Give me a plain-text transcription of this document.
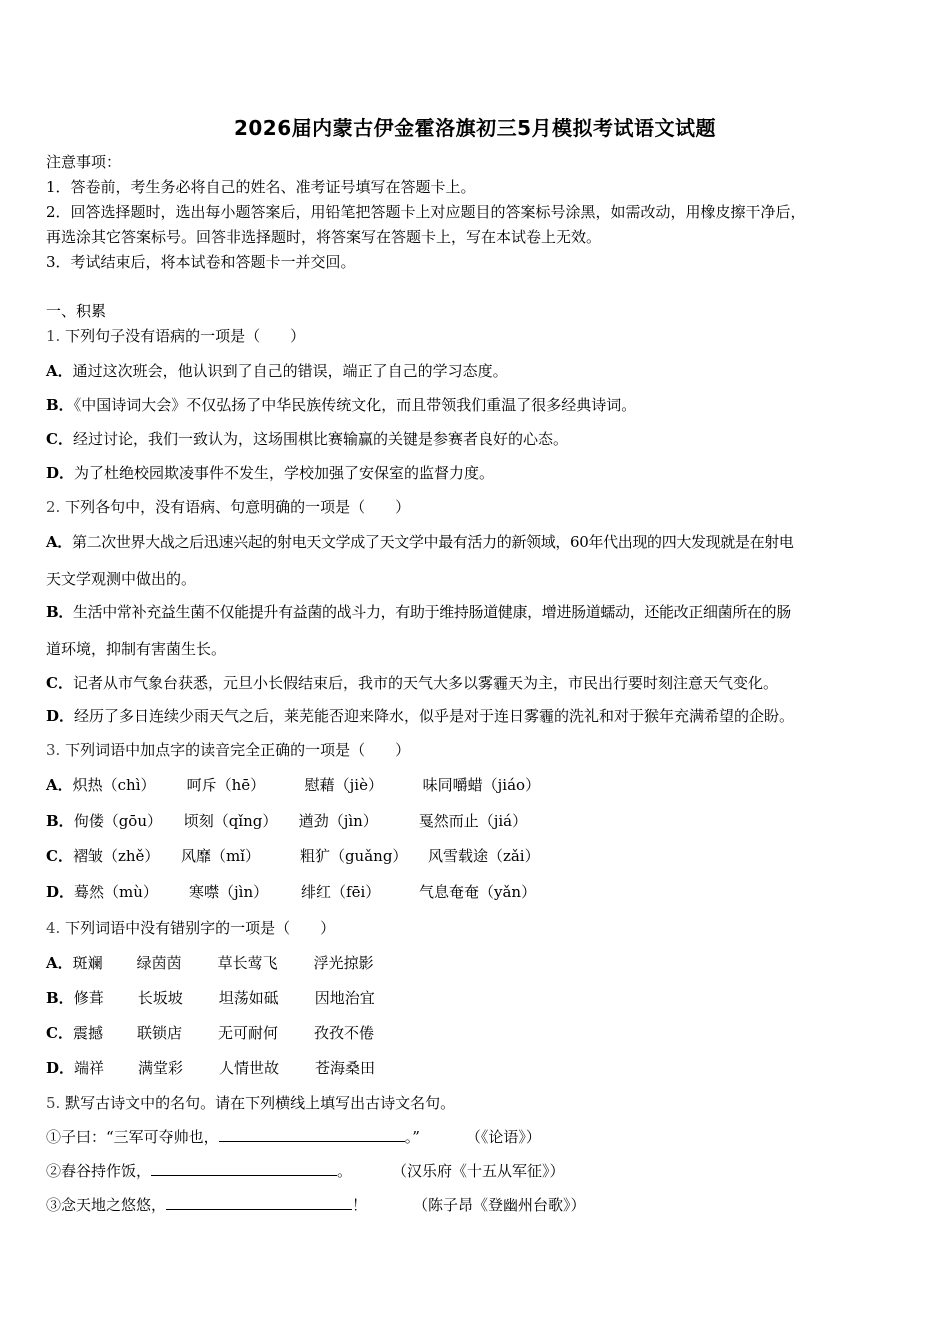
2026届内蒙古伊金霍洛旗初三5月模拟考试语文试题
注意事项：
1．答卷前，考生务必将自己的姓名、准考证号填写在答题卡上。
2．回答选择题时，选出每小题答案后，用铅笔把答题卡上对应题目的答案标号涂黑，如需改动，用橡皮擦干净后，
再选涂其它答案标号。回答非选择题时，将答案写在答题卡上，写在本试卷上无效。
3．考试结束后，将本试卷和答题卡一并交回。
一、积累
1. 下列句子没有语病的一项是（　　）
A．通过这次班会，他认识到了自己的错误，端正了自己的学习态度。
B．《中国诗词大会》不仅弘扬了中华民族传统文化，而且带领我们重温了很多经典诗词。
C．经过讨论，我们一致认为，这场围棋比赛输赢的关键是参赛者良好的心态。
D．为了杜绝校园欺凌事件不发生，学校加强了安保室的监督力度。
2. 下列各句中，没有语病、句意明确的一项是（　　）
A．第二次世界大战之后迅速兴起的射电天文学成了天文学中最有活力的新领域，60年代出现的四大发现就是在射电
天文学观测中做出的。
B．生活中常补充益生菌不仅能提升有益菌的战斗力，有助于维持肠道健康，增进肠道蠕动，还能改正细菌所在的肠
道环境，抑制有害菌生长。
C．记者从市气象台获悉，元旦小长假结束后，我市的天气大多以雾霾天为主，市民出行要时刻注意天气变化。
D．经历了多日连续少雨天气之后，莱芜能否迎来降水，似乎是对于连日雾霾的洗礼和对于猴年充满希望的企盼。
3. 下列词语中加点字的读音完全正确的一项是（　　）
A．炽热（chì） 呵斥（hē）	慰藉（jiè）	味同嚼蜡（jiáo）
B．佝偻（gōu） 顷刻（qǐng） 遒劲（jìn）	戛然而止（jiá）
C．褶皱（zhě） 风靡（mǐ）	粗犷（guǎng） 风雪载途（zǎi）
D．蓦然（mù） 寒噤（jìn） 绯红（fēi）	气息奄奄（yǎn）
4. 下列词语中没有错别字的一项是（　　）
A．斑斓 绿茵茵 草长莺飞 浮光掠影
B．修葺 长坂坡 坦荡如砥 因地治宜
C．震撼 联锁店 无可耐何 孜孜不倦
D．端祥 满堂彩 人情世故 苍海桑田
5. 默写古诗文中的名句。请在下列横线上填写出古诗文名句。
①子曰：“三军可夺帅也，	。”	（《论语》）
②舂谷持作饭，	。	（汉乐府《十五从军征》）
③念天地之悠悠，	！	（陈子昂《登幽州台歌》）
